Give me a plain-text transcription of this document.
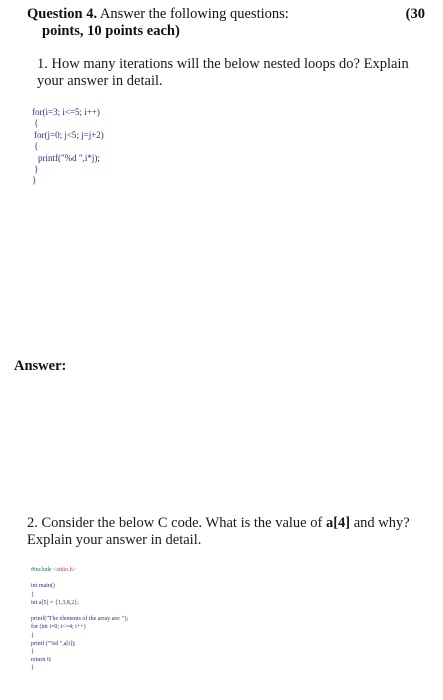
Question 4. Answer the following questions:	(30

points, 10 points each)

1. How many iterations will the below nested loops do? Explain your answer in detail.

for(i=3; i<=5; i++)
{
for(j=0; j<5; j=j+2)
{
printf("%d ",i*j);
}
}

Answer:

2. Consider the below C code. What is the value of a[4] and why? Explain your answer in detail.

#include <stdio.h>

int main()
{
int a[5] = {1,3,8,2};

printf("The elements of the array are: ");
for (int i=0; i<=4; i++)
{
printf ("%d ",a[i]);
}
return 0;
}
